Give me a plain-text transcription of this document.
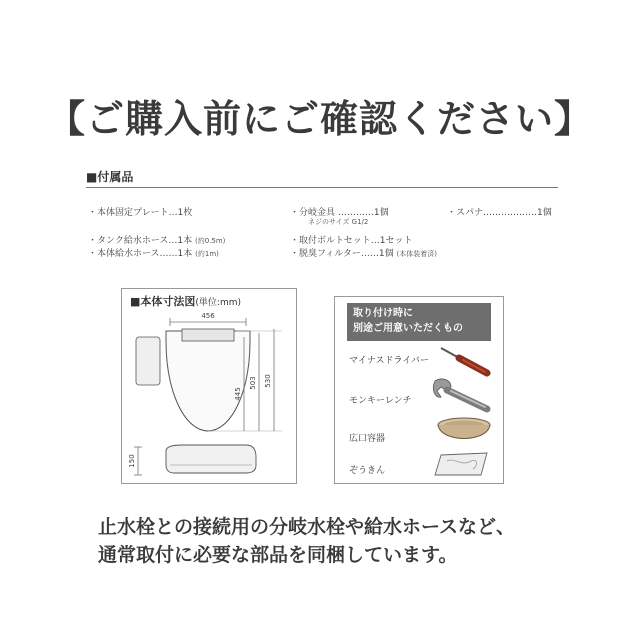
【ご購入前にご確認ください】
■付属品
・本体固定プレート…1枚
・タンク給水ホース…1本 (約0.5m)
・本体給水ホース……1本 (約1m)
・分岐金具 …………1個
ネジのサイズ G1/2
・取付ボルトセット…1セット
・脱臭フィルター……1個 (本体装着済)
・スパナ………………1個
■本体寸法図(単位:mm)
456
445
503 530
150
取り付け時に
別途ご用意いただくもの
マイナスドライバー
モンキーレンチ
広口容器
ぞうきん
止水栓との接続用の分岐水栓や給水ホースなど、
通常取付に必要な部品を同梱しています。
